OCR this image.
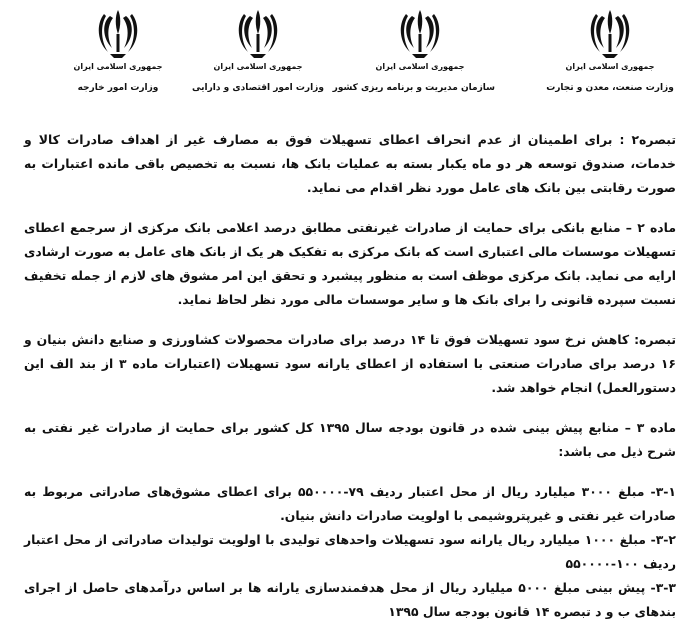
جمهوری اسلامی ایران
وزارت صنعت، معدن و تجارت
جمهوری اسلامی ایران
سازمان مدیریت و برنامه ریزی کشور
جمهوری اسلامی ایران
وزارت امور اقتصادی و دارایی
جمهوری اسلامی ایران
وزارت امور خارجه

تبصره۲ : برای اطمینان از عدم انحراف اعطای تسهیلات فوق به مصارف غیر از اهداف صادرات کالا و خدمات، صندوق توسعه هر دو ماه یکبار بسته به عملیات بانک ها، نسبت به تخصیص باقی مانده اعتبارات به صورت رقابتی بین بانک های عامل مورد نظر اقدام می نماید.

ماده ۲ – منابع بانکی برای حمایت از صادرات غیرنفتی مطابق درصد اعلامی بانک مرکزی از سرجمع اعطای تسهیلات موسسات مالی اعتباری است که بانک مرکزی به تفکیک هر یک از بانک های عامل به صورت ارشادی ارایه می نماید. بانک مرکزی موظف است به منظور پیشبرد و تحقق این امر مشوق های لازم از جمله تخفیف نسبت سپرده قانونی را برای بانک ها و سایر موسسات مالی مورد نظر لحاظ نماید.

تبصره: کاهش نرخ سود تسهیلات فوق تا ۱۴ درصد برای صادرات محصولات کشاورزی و صنایع دانش بنیان و ۱۶ درصد برای صادرات صنعتی با استفاده از اعطای یارانه سود تسهیلات (اعتبارات ماده ۳ از بند الف این دستورالعمل) انجام خواهد شد.

ماده ۳ – منابع پیش بینی شده در قانون بودجه سال ۱۳۹۵ کل کشور برای حمایت از صادرات غیر نفتی به شرح ذیل می باشد:

۳-۱- مبلغ ۳۰۰۰ میلیارد ریال از محل اعتبار ردیف ۷۹-۵۵۰۰۰۰ برای اعطای مشوق‌های صادراتی مربوط به صادرات غیر نفتی و غیرپتروشیمی با اولویت صادرات دانش بنیان.

۳-۲- مبلغ ۱۰۰۰ میلیارد ریال یارانه سود تسهیلات واحدهای تولیدی با اولویت تولیدات صادراتی از محل اعتبار ردیف ۱۰۰-۵۵۰۰۰۰

۳-۳- پیش بینی مبلغ ۵۰۰۰ میلیارد ریال از محل هدفمندسازی یارانه ها بر اساس درآمدهای حاصل از اجرای بندهای ب و د تبصره ۱۴ قانون بودجه سال ۱۳۹۵
